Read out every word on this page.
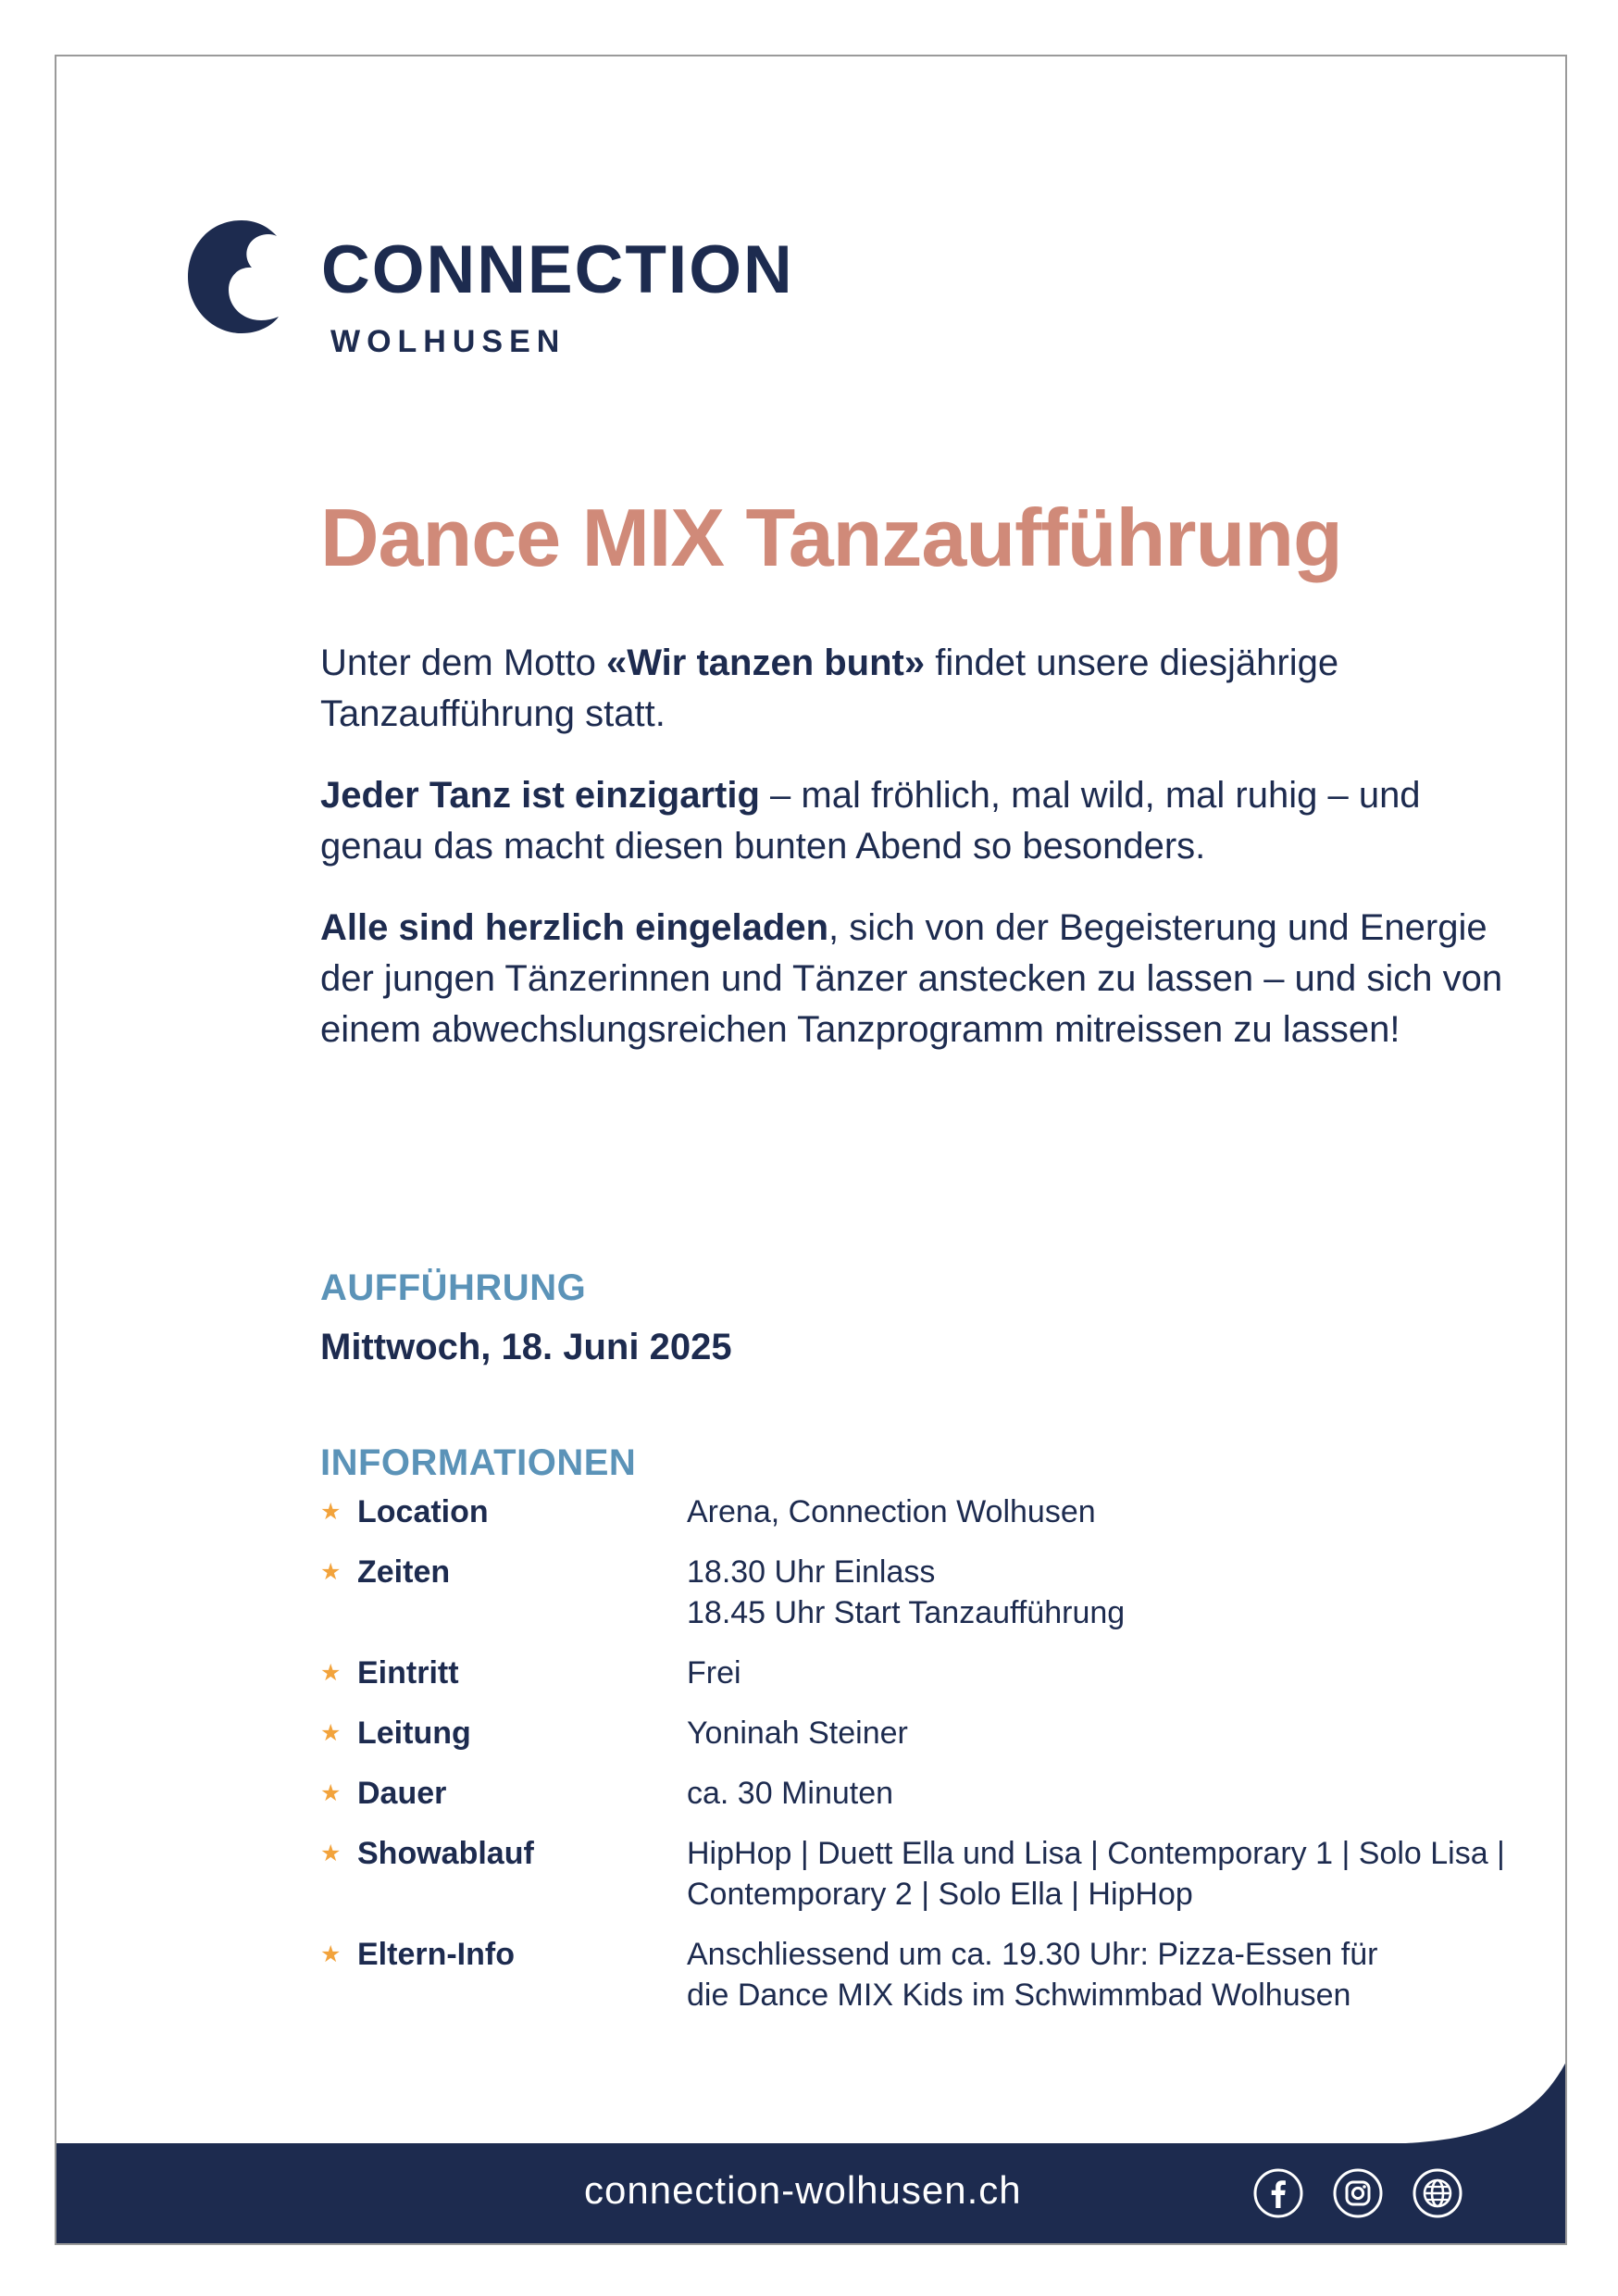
CONNECTION
WOLHUSEN
Dance MIX Tanzaufführung

Unter dem Motto «Wir tanzen bunt» findet unsere diesjährige Tanzaufführung statt.

Jeder Tanz ist einzigartig – mal fröhlich, mal wild, mal ruhig – und genau das macht diesen bunten Abend so besonders.

Alle sind herzlich eingeladen, sich von der Begeisterung und Energie der jungen Tänzerinnen und Tänzer anstecken zu lassen – und sich von einem abwechslungsreichen Tanzprogramm mitreissen zu lassen!

AUFFÜHRUNG
Mittwoch, 18. Juni 2025
INFORMATIONEN
★ Location	Arena, Connection Wolhusen
★ Zeiten	18.30 Uhr Einlass
18.45 Uhr Start Tanzaufführung
★ Eintritt	Frei
★ Leitung	Yoninah Steiner
★ Dauer	ca. 30 Minuten
★ Showablauf	HipHop | Duett Ella und Lisa | Contemporary 1 | Solo Lisa |
Contemporary 2 | Solo Ella | HipHop
★ Eltern-Info	Anschliessend um ca. 19.30 Uhr: Pizza-Essen für
die Dance MIX Kids im Schwimmbad Wolhusen
connection-wolhusen.ch
